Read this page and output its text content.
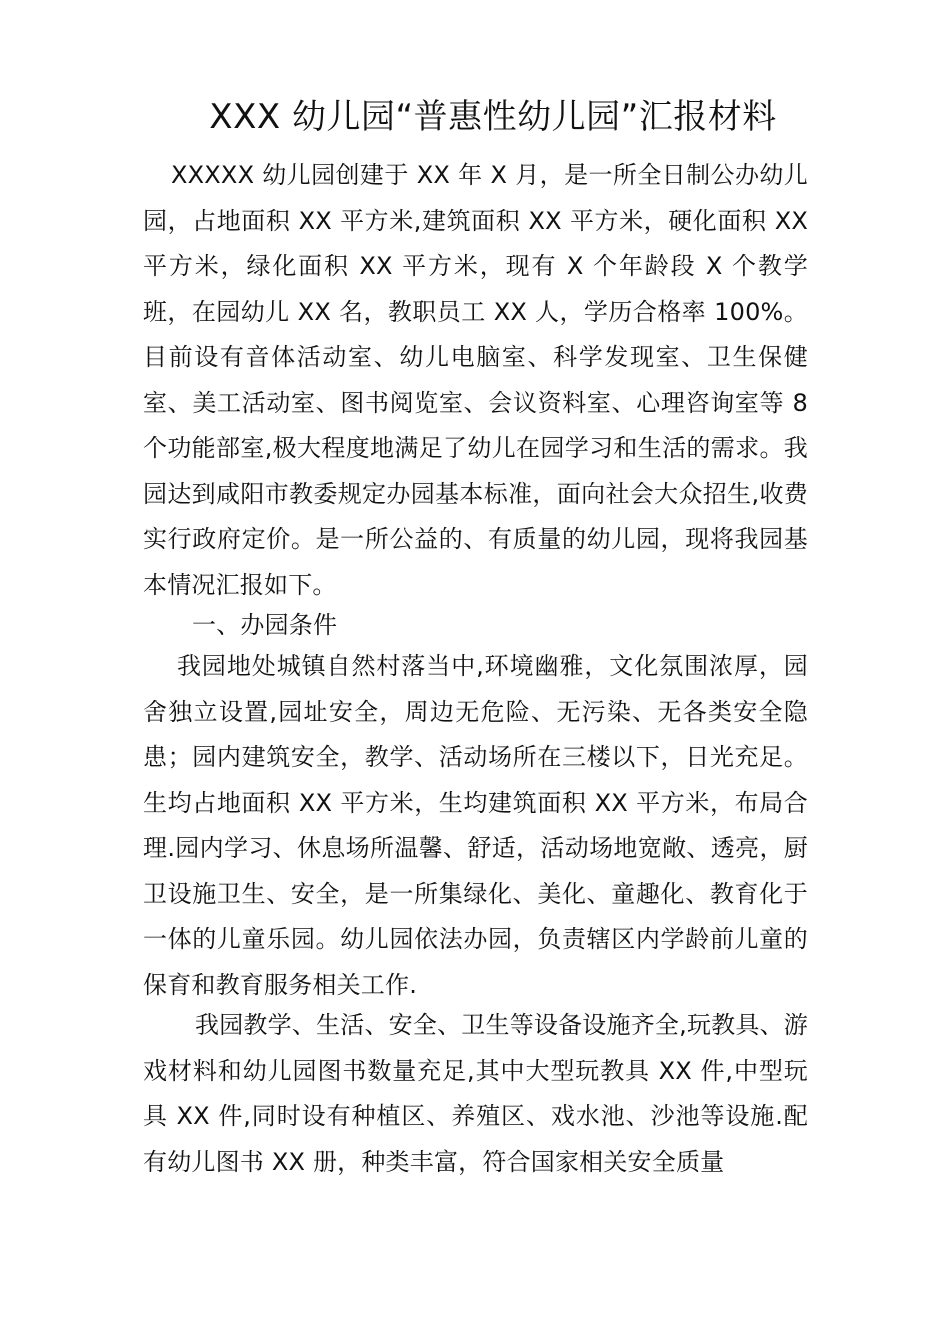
XXX 幼儿园“普惠性幼儿园”汇报材料

XXXXX 幼儿园创建于 XX 年 X 月，是一所全日制公办幼儿园，占地面积 XX 平方米,建筑面积 XX 平方米，硬化面积 XX 平方米，绿化面积 XX 平方米，现有 X 个年龄段 X 个教学班，在园幼儿 XX 名，教职员工 XX 人，学历合格率 100%。目前设有音体活动室、幼儿电脑室、科学发现室、卫生保健室、美工活动室、图书阅览室、会议资料室、心理咨询室等 8 个功能部室,极大程度地满足了幼儿在园学习和生活的需求。我园达到咸阳市教委规定办园基本标准，面向社会大众招生,收费实行政府定价。是一所公益的、有质量的幼儿园，现将我园基本情况汇报如下。

一、办园条件

我园地处城镇自然村落当中,环境幽雅，文化氛围浓厚，园舍独立设置,园址安全，周边无危险、无污染、无各类安全隐患；园内建筑安全，教学、活动场所在三楼以下，日光充足。生均占地面积 XX 平方米，生均建筑面积 XX 平方米，布局合理.园内学习、休息场所温馨、舒适，活动场地宽敞、透亮，厨卫设施卫生、安全，是一所集绿化、美化、童趣化、教育化于一体的儿童乐园。幼儿园依法办园，负责辖区内学龄前儿童的保育和教育服务相关工作.

我园教学、生活、安全、卫生等设备设施齐全,玩教具、游戏材料和幼儿园图书数量充足,其中大型玩教具 XX 件,中型玩具 XX 件,同时设有种植区、养殖区、戏水池、沙池等设施.配有幼儿图书 XX 册，种类丰富，符合国家相关安全质量
